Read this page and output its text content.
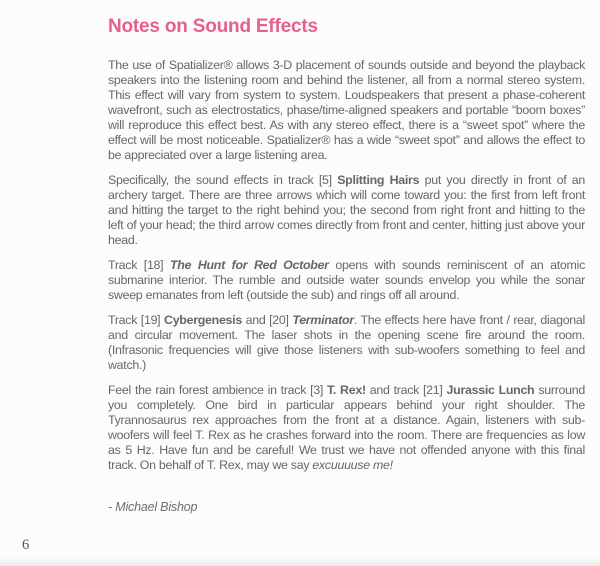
Notes on Sound Effects

The use of Spatializer® allows 3-D placement of sounds outside and beyond the playback speakers into the listening room and behind the listener, all from a normal stereo system. This effect will vary from system to system. Loudspeakers that present a phase-coherent wavefront, such as electrostatics, phase/time-aligned speakers and portable “boom boxes” will reproduce this effect best. As with any stereo effect, there is a “sweet spot” where the effect will be most noticeable. Spatializer® has a wide “sweet spot” and allows the effect to be appreciated over a large listening area.

Specifically, the sound effects in track [5] Splitting Hairs put you directly in front of an archery target. There are three arrows which will come toward you: the first from left front and hitting the target to the right behind you; the second from right front and hitting to the left of your head; the third arrow comes directly from front and center, hitting just above your head.

Track [18] The Hunt for Red October opens with sounds reminiscent of an atomic submarine interior. The rumble and outside water sounds envelop you while the sonar sweep emanates from left (outside the sub) and rings off all around.

Track [19] Cybergenesis and [20] Terminator. The effects here have front / rear, diagonal and circular movement. The laser shots in the opening scene fire around the room. (Infrasonic frequencies will give those listeners with sub-woofers something to feel and watch.)

Feel the rain forest ambience in track [3] T. Rex! and track [21] Jurassic Lunch surround you completely. One bird in particular appears behind your right shoulder. The Tyrannosaurus rex approaches from the front at a distance. Again, listeners with sub-woofers will feel T. Rex as he crashes forward into the room. There are frequencies as low as 5 Hz. Have fun and be careful! We trust we have not offended anyone with this final track. On behalf of T. Rex, may we say excuuuuse me!

- Michael Bishop
6
